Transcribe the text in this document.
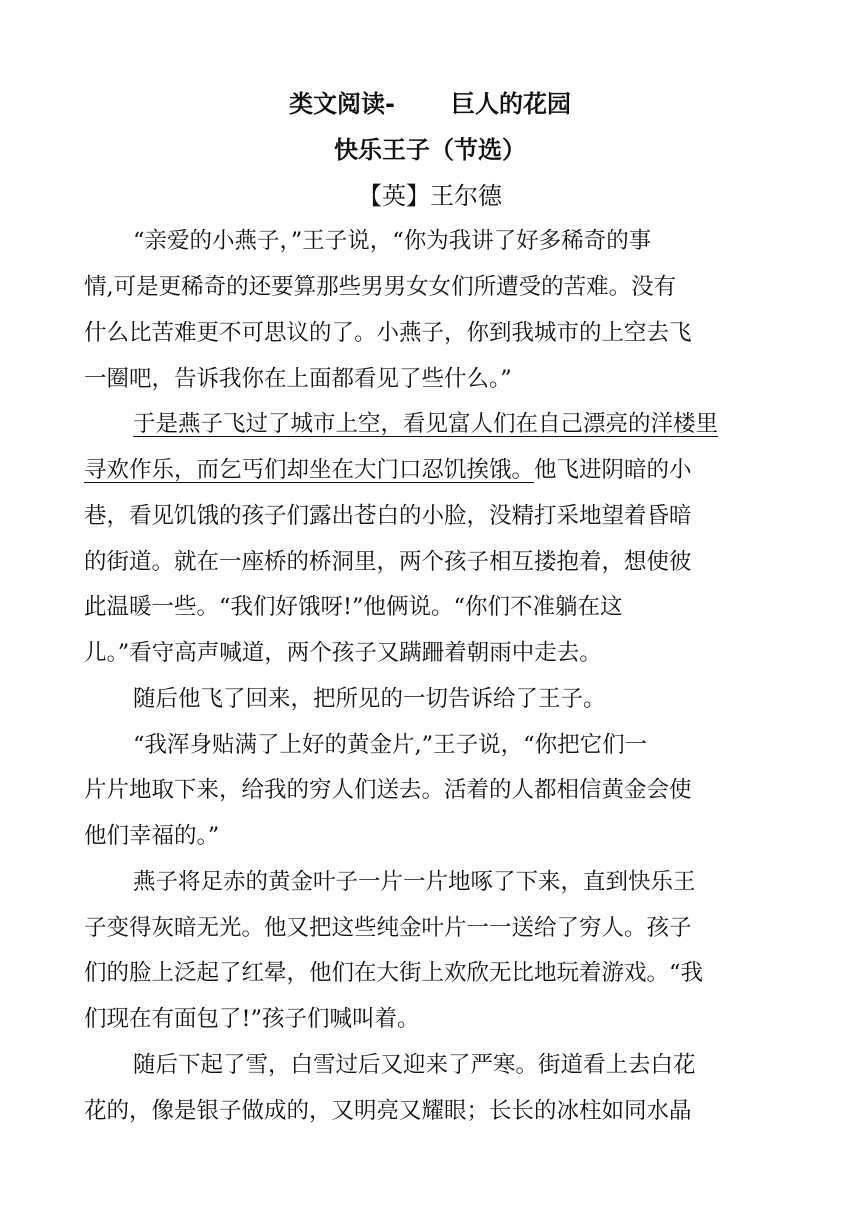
类文阅读- 巨人的花园
快乐王子（节选）
【英】王尔德
“亲爱的小燕子，”王子说，“你为我讲了好多稀奇的事
情,可是更稀奇的还要算那些男男女女们所遭受的苦难。没有
什么比苦难更不可思议的了。小燕子，你到我城市的上空去飞
一圈吧，告诉我你在上面都看见了些什么。”
于是燕子飞过了城市上空，看见富人们在自己漂亮的洋楼里
寻欢作乐，而乞丐们却坐在大门口忍饥挨饿。他飞进阴暗的小
巷，看见饥饿的孩子们露出苍白的小脸，没精打采地望着昏暗
的街道。就在一座桥的桥洞里，两个孩子相互搂抱着，想使彼
此温暖一些。“我们好饿呀!”他俩说。“你们不准躺在这
儿。”看守高声喊道，两个孩子又蹒跚着朝雨中走去。
随后他飞了回来，把所见的一切告诉给了王子。
“我浑身贴满了上好的黄金片,”王子说，“你把它们一
片片地取下来，给我的穷人们送去。活着的人都相信黄金会使
他们幸福的。”
燕子将足赤的黄金叶子一片一片地啄了下来，直到快乐王
子变得灰暗无光。他又把这些纯金叶片一一送给了穷人。孩子
们的脸上泛起了红晕，他们在大街上欢欣无比地玩着游戏。“我
们现在有面包了!”孩子们喊叫着。
随后下起了雪，白雪过后又迎来了严寒。街道看上去白花
花的，像是银子做成的，又明亮又耀眼；长长的冰柱如同水晶
